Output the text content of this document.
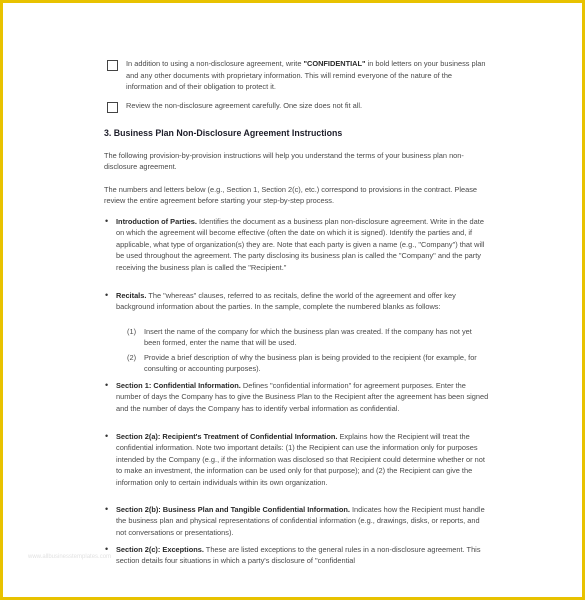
In addition to using a non-disclosure agreement, write "CONFIDENTIAL" in bold letters on your business plan and any other documents with proprietary information. This will remind everyone of the nature of the information and of their obligation to protect it.
Review the non-disclosure agreement carefully. One size does not fit all.
3. Business Plan Non-Disclosure Agreement Instructions
The following provision-by-provision instructions will help you understand the terms of your business plan non-disclosure agreement.
The numbers and letters below (e.g., Section 1, Section 2(c), etc.) correspond to provisions in the contract. Please review the entire agreement before starting your step-by-step process.
• Introduction of Parties. Identifies the document as a business plan non-disclosure agreement. Write in the date on which the agreement will become effective (often the date on which it is signed). Identify the parties and, if applicable, what type of organization(s) they are. Note that each party is given a name (e.g., "Company") that will be used throughout the agreement. The party disclosing its business plan is called the "Company" and the party receiving the business plan is called the "Recipient."
• Recitals. The "whereas" clauses, referred to as recitals, define the world of the agreement and offer key background information about the parties. In the sample, complete the numbered blanks as follows:
(1) Insert the name of the company for which the business plan was created. If the company has not yet been formed, enter the name that will be used.
(2) Provide a brief description of why the business plan is being provided to the recipient (for example, for consulting or accounting purposes).
• Section 1: Confidential Information. Defines "confidential information" for agreement purposes. Enter the number of days the Company has to give the Business Plan to the Recipient after the agreement has been signed and the number of days the Company has to identify verbal information as confidential.
• Section 2(a): Recipient's Treatment of Confidential Information. Explains how the Recipient will treat the confidential information. Note two important details: (1) the Recipient can use the information only for purposes intended by the Company (e.g., if the information was disclosed so that Recipient could determine whether or not to make an investment, the information can be used only for that purpose); and (2) the Recipient can give the information only to certain individuals within its own organization.
• Section 2(b): Business Plan and Tangible Confidential Information. Indicates how the Recipient must handle the business plan and physical representations of confidential information (e.g., drawings, disks, or reports, and not conversations or presentations).
• Section 2(c): Exceptions. These are listed exceptions to the general rules in a non-disclosure agreement. This section details four situations in which a party's disclosure of "confidential
www.allbusinesstemplates.com
